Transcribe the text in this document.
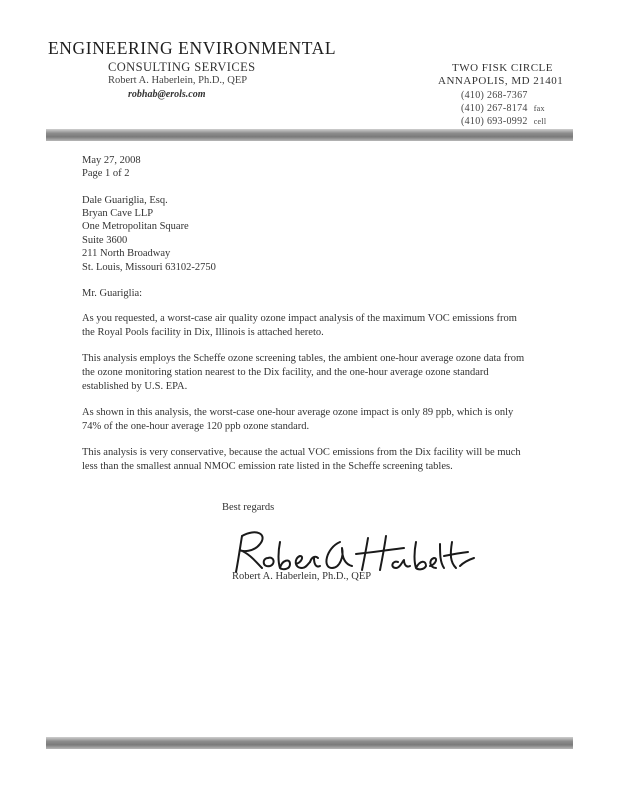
ENGINEERING ENVIRONMENTAL
CONSULTING SERVICES
Robert A. Haberlein, Ph.D., QEP
robhab@erols.com
TWO FISK CIRCLE
ANNAPOLIS, MD 21401
(410) 268-7367
(410) 267-8174 fax
(410) 693-0992 cell
May 27, 2008
Page 1 of 2
Dale Guariglia, Esq.
Bryan Cave LLP
One Metropolitan Square
Suite 3600
211 North Broadway
St. Louis, Missouri 63102-2750
Mr. Guariglia:

As you requested, a worst-case air quality ozone impact analysis of the maximum VOC emissions from the Royal Pools facility in Dix, Illinois is attached hereto.

This analysis employs the Scheffe ozone screening tables, the ambient one-hour average ozone data from the ozone monitoring station nearest to the Dix facility, and the one-hour average ozone standard established by U.S. EPA.

As shown in this analysis, the worst-case one-hour average ozone impact is only 89 ppb, which is only 74% of the one-hour average 120 ppb ozone standard.

This analysis is very conservative, because the actual VOC emissions from the Dix facility will be much less than the smallest annual NMOC emission rate listed in the Scheffe screening tables.

Best regards
Robert A. Haberlein, Ph.D., QEP
